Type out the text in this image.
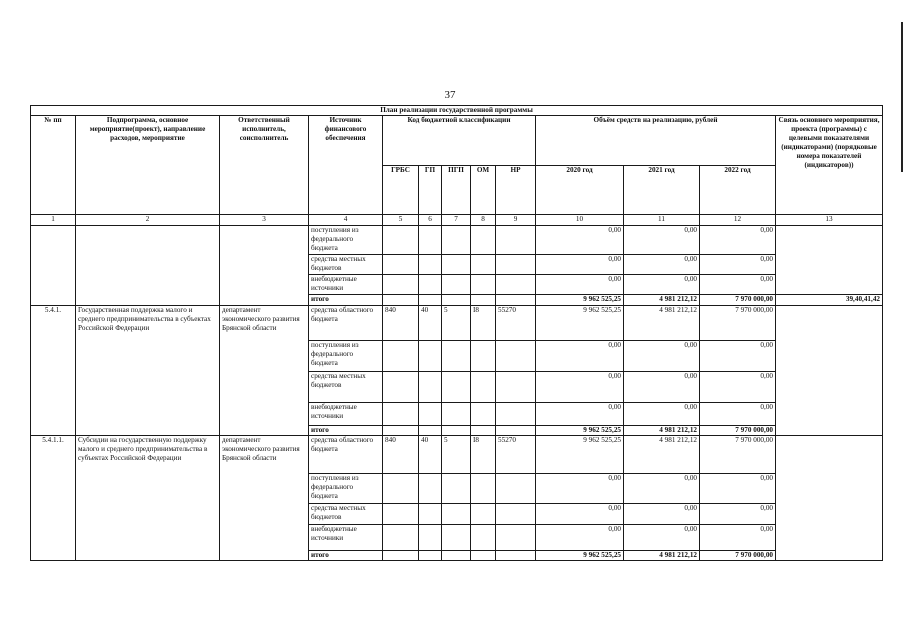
37
План реализации государственной программы												
№ пп	Подпрограмма, основное мероприятие(проект), направление расходов, мероприятие	Ответственный исполнитель, соисполнитель	Источник финансового обеспечения	Код бюджетной классификации					Объём средств на реализацию, рублей			Связь основного мероприятия, проекта (программы) с целевыми показателями (индикаторами) (порядковые номера показателей (индикаторов))
				ГРБС	ГП	ПГП	ОМ	НР	2020 год	2021 год	2022 год	
1	2	3	4	5	6	7	8	9	10	11	12	13
			поступления из федерального бюджета						0,00	0,00	0,00	
			средства местных бюджетов						0,00	0,00	0,00	
			внебюджетные источники						0,00	0,00	0,00	
			итого						9 962 525,25	4 981 212,12	7 970 000,00	39,40,41,42
5.4.1.	Государственная поддержка малого и среднего предпринимательства в субъектах Российской Федерации	департамент экономического развития Брянской области	средства областного бюджета	840	40	5	I8	55270	9 962 525,25	4 981 212,12	7 970 000,00	
			поступления из федерального бюджета						0,00	0,00	0,00	
			средства местных бюджетов						0,00	0,00	0,00	
			внебюджетные источники						0,00	0,00	0,00	
			итого						9 962 525,25	4 981 212,12	7 970 000,00	
5.4.1.1.	Субсидии на государственную поддержку малого и среднего предпринимательства в субъектах Российской Федерации	департамент экономического развития Брянской области	средства областного бюджета	840	40	5	I8	55270	9 962 525,25	4 981 212,12	7 970 000,00	
			поступления из федерального бюджета						0,00	0,00	0,00	
			средства местных бюджетов						0,00	0,00	0,00	
			внебюджетные источники						0,00	0,00	0,00	
			итого						9 962 525,25	4 981 212,12	7 970 000,00	
